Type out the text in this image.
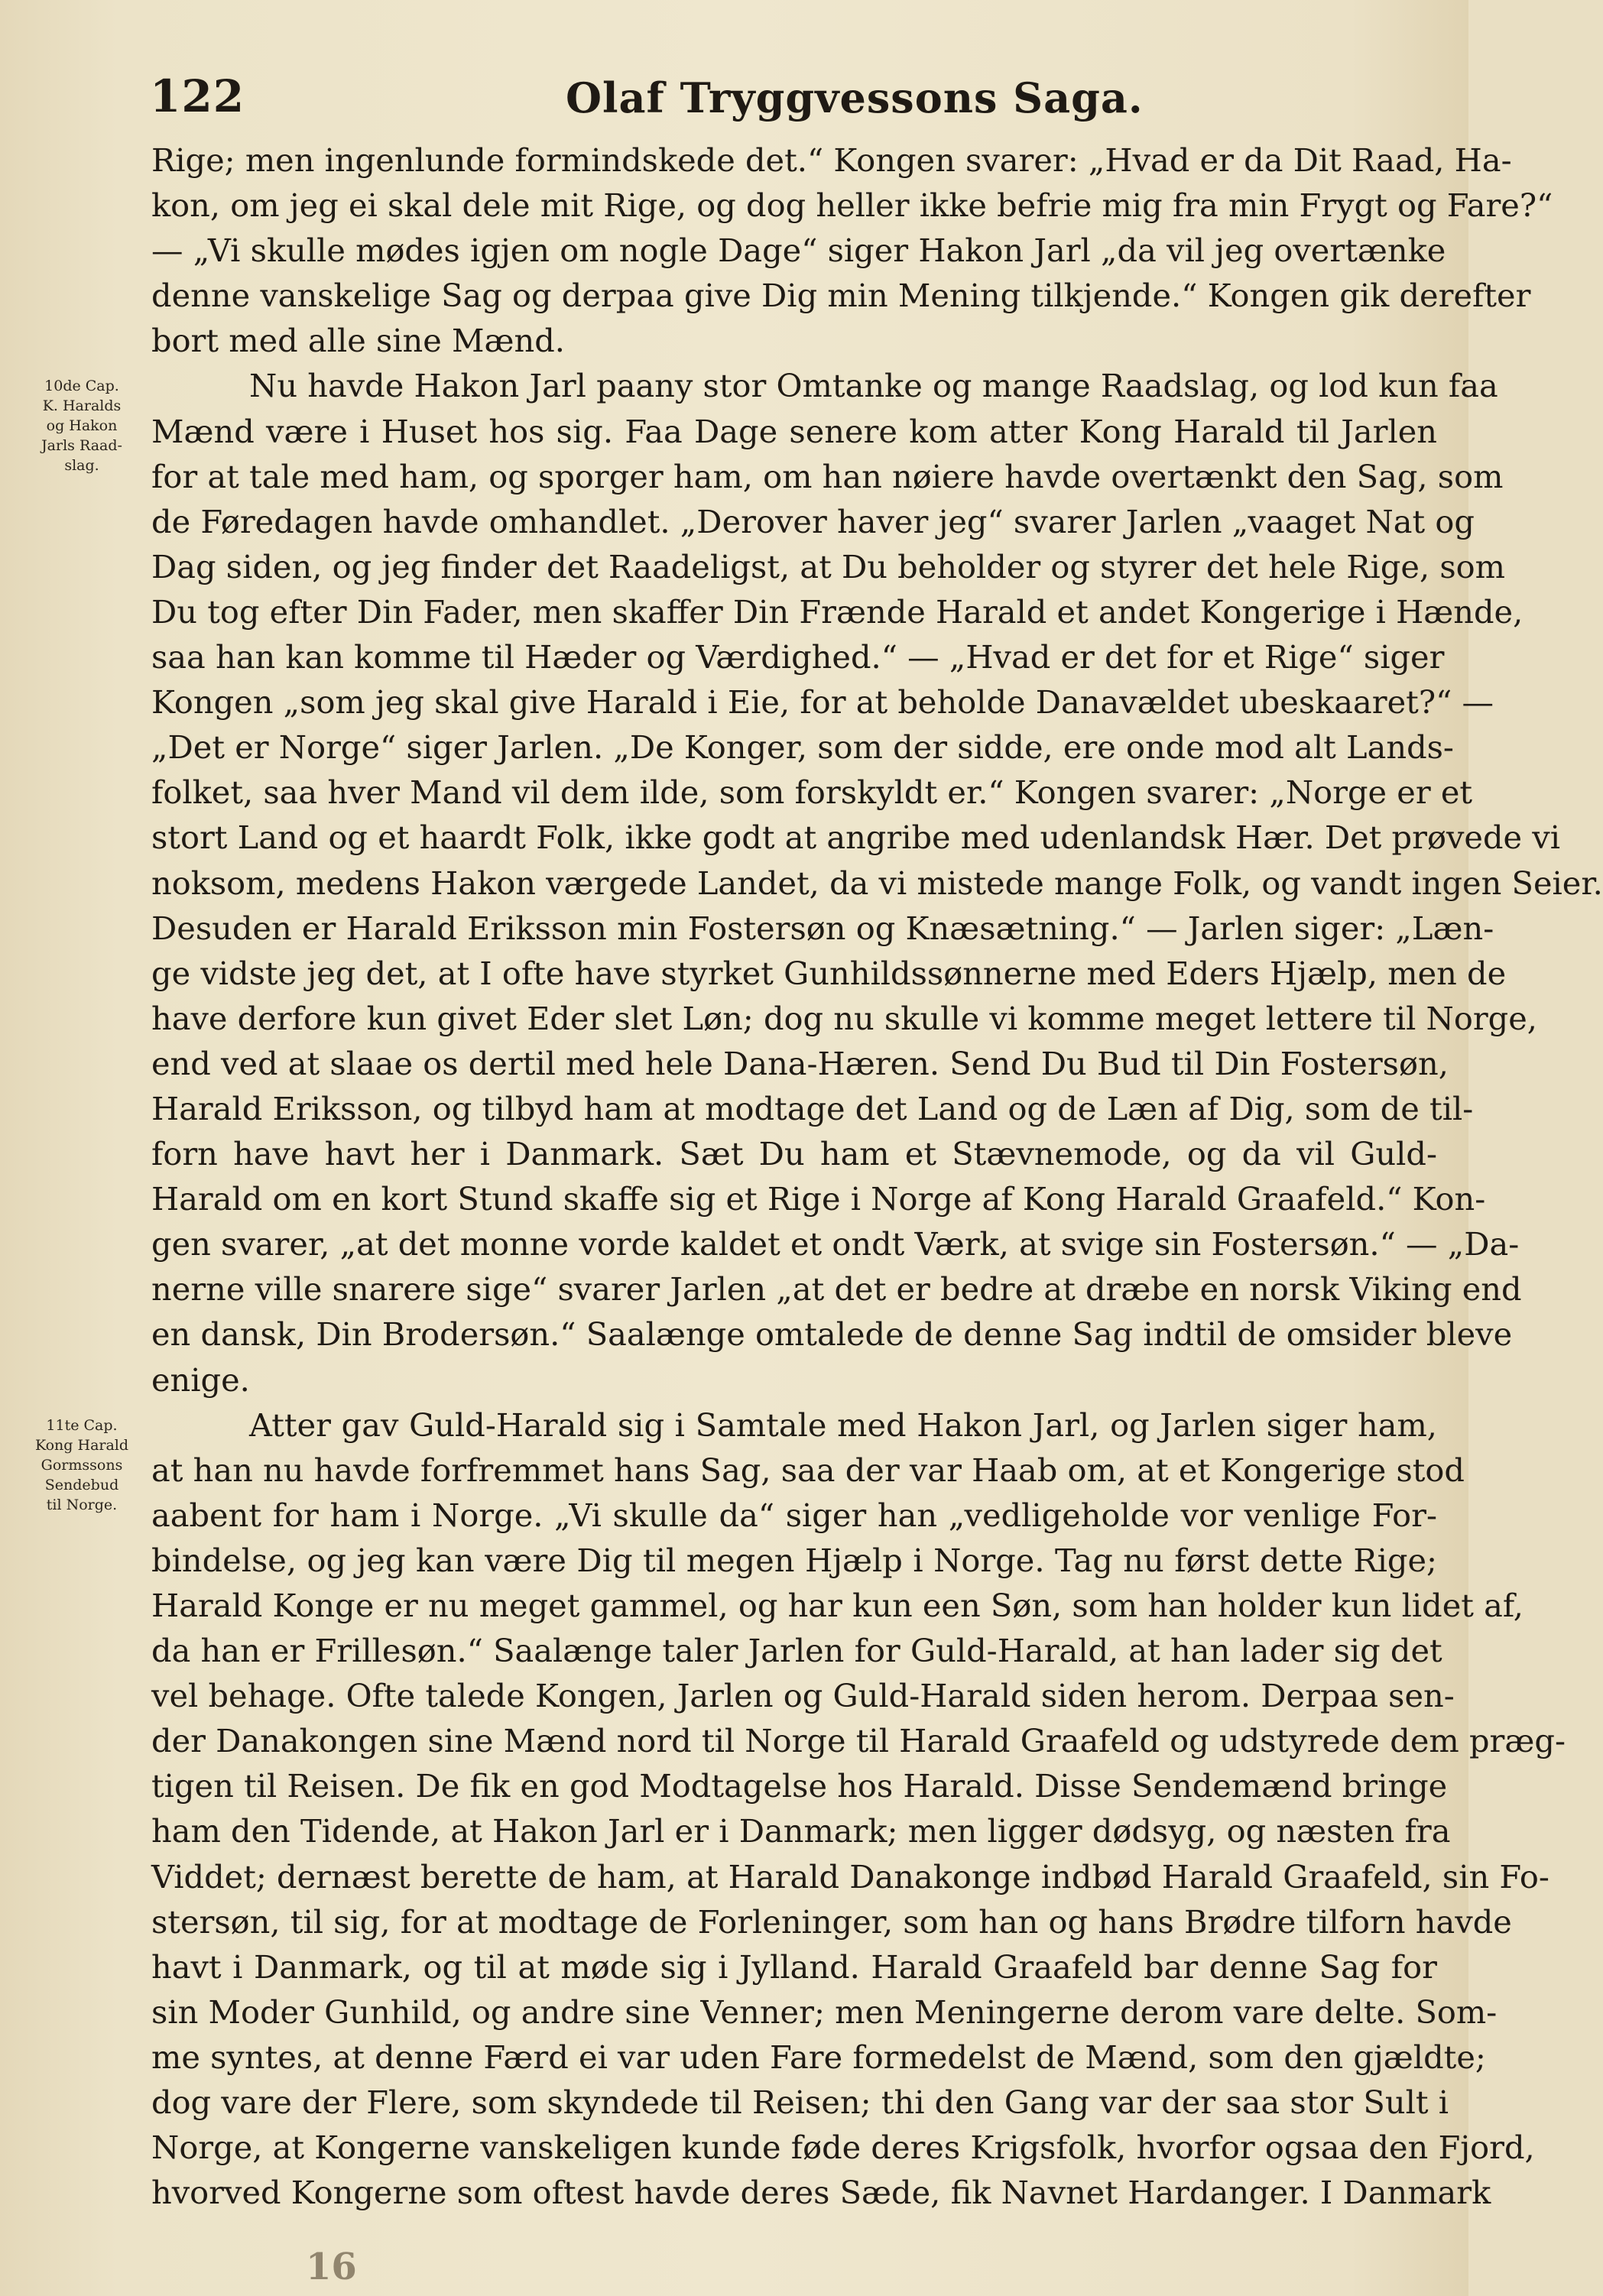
122	Olaf Tryggvessons Saga.
10de Cap.
K. Haralds
og Hakon
Jarls Raad-
slag.
11te Cap.
Kong Harald
Gormssons
Sendebud
til Norge.
Rige; men ingenlunde formindskede det.“ Kongen svarer: „Hvad er da Dit Raad, Ha-
kon, om jeg ei skal dele mit Rige, og dog heller ikke befrie mig fra min Frygt og Fare?“
— „Vi skulle mødes igjen om nogle Dage“ siger Hakon Jarl „da vil jeg overtænke
denne vanskelige Sag og derpaa give Dig min Mening tilkjende.“ Kongen gik derefter
bort med alle sine Mænd.
Nu havde Hakon Jarl paany stor Omtanke og mange Raadslag, og lod kun faa
Mænd være i Huset hos sig. Faa Dage senere kom atter Kong Harald til Jarlen
for at tale med ham, og sporger ham, om han nøiere havde overtænkt den Sag, som
de Føredagen havde omhandlet. „Derover haver jeg“ svarer Jarlen „vaaget Nat og
Dag siden, og jeg finder det Raadeligst, at Du beholder og styrer det hele Rige, som
Du tog efter Din Fader, men skaffer Din Frænde Harald et andet Kongerige i Hænde,
saa han kan komme til Hæder og Værdighed.“ — „Hvad er det for et Rige“ siger
Kongen „som jeg skal give Harald i Eie, for at beholde Danavældet ubeskaaret?“ —
„Det er Norge“ siger Jarlen. „De Konger, som der sidde, ere onde mod alt Lands-
folket, saa hver Mand vil dem ilde, som forskyldt er.“ Kongen svarer: „Norge er et
stort Land og et haardt Folk, ikke godt at angribe med udenlandsk Hær. Det prøvede vi
noksom, medens Hakon værgede Landet, da vi mistede mange Folk, og vandt ingen Seier.
Desuden er Harald Eriksson min Fostersøn og Knæsætning.“ — Jarlen siger: „Læn-
ge vidste jeg det, at I ofte have styrket Gunhildssønnerne med Eders Hjælp, men de
have derfore kun givet Eder slet Løn; dog nu skulle vi komme meget lettere til Norge,
end ved at slaae os dertil med hele Dana-Hæren. Send Du Bud til Din Fostersøn,
Harald Eriksson, og tilbyd ham at modtage det Land og de Læn af Dig, som de til-
forn have havt her i Danmark. Sæt Du ham et Stævnemode, og da vil Guld-
Harald om en kort Stund skaffe sig et Rige i Norge af Kong Harald Graafeld.“ Kon-
gen svarer, „at det monne vorde kaldet et ondt Værk, at svige sin Fostersøn.“ — „Da-
nerne ville snarere sige“ svarer Jarlen „at det er bedre at dræbe en norsk Viking end
en dansk, Din Brodersøn.“ Saalænge omtalede de denne Sag indtil de omsider bleve
enige.
Atter gav Guld-Harald sig i Samtale med Hakon Jarl, og Jarlen siger ham,
at han nu havde forfremmet hans Sag, saa der var Haab om, at et Kongerige stod
aabent for ham i Norge. „Vi skulle da“ siger han „vedligeholde vor venlige For-
bindelse, og jeg kan være Dig til megen Hjælp i Norge. Tag nu først dette Rige;
Harald Konge er nu meget gammel, og har kun een Søn, som han holder kun lidet af,
da han er Frillesøn.“ Saalænge taler Jarlen for Guld-Harald, at han lader sig det
vel behage. Ofte talede Kongen, Jarlen og Guld-Harald siden herom. Derpaa sen-
der Danakongen sine Mænd nord til Norge til Harald Graafeld og udstyrede dem præg-
tigen til Reisen. De fik en god Modtagelse hos Harald. Disse Sendemænd bringe
ham den Tidende, at Hakon Jarl er i Danmark; men ligger dødsyg, og næsten fra
Viddet; dernæst berette de ham, at Harald Danakonge indbød Harald Graafeld, sin Fo-
stersøn, til sig, for at modtage de Forleninger, som han og hans Brødre tilforn havde
havt i Danmark, og til at møde sig i Jylland. Harald Graafeld bar denne Sag for
sin Moder Gunhild, og andre sine Venner; men Meningerne derom vare delte. Som-
me syntes, at denne Færd ei var uden Fare formedelst de Mænd, som den gjældte;
dog vare der Flere, som skyndede til Reisen; thi den Gang var der saa stor Sult i
Norge, at Kongerne vanskeligen kunde føde deres Krigsfolk, hvorfor ogsaa den Fjord,
hvorved Kongerne som oftest havde deres Sæde, fik Navnet Hardanger. I Danmark
16
